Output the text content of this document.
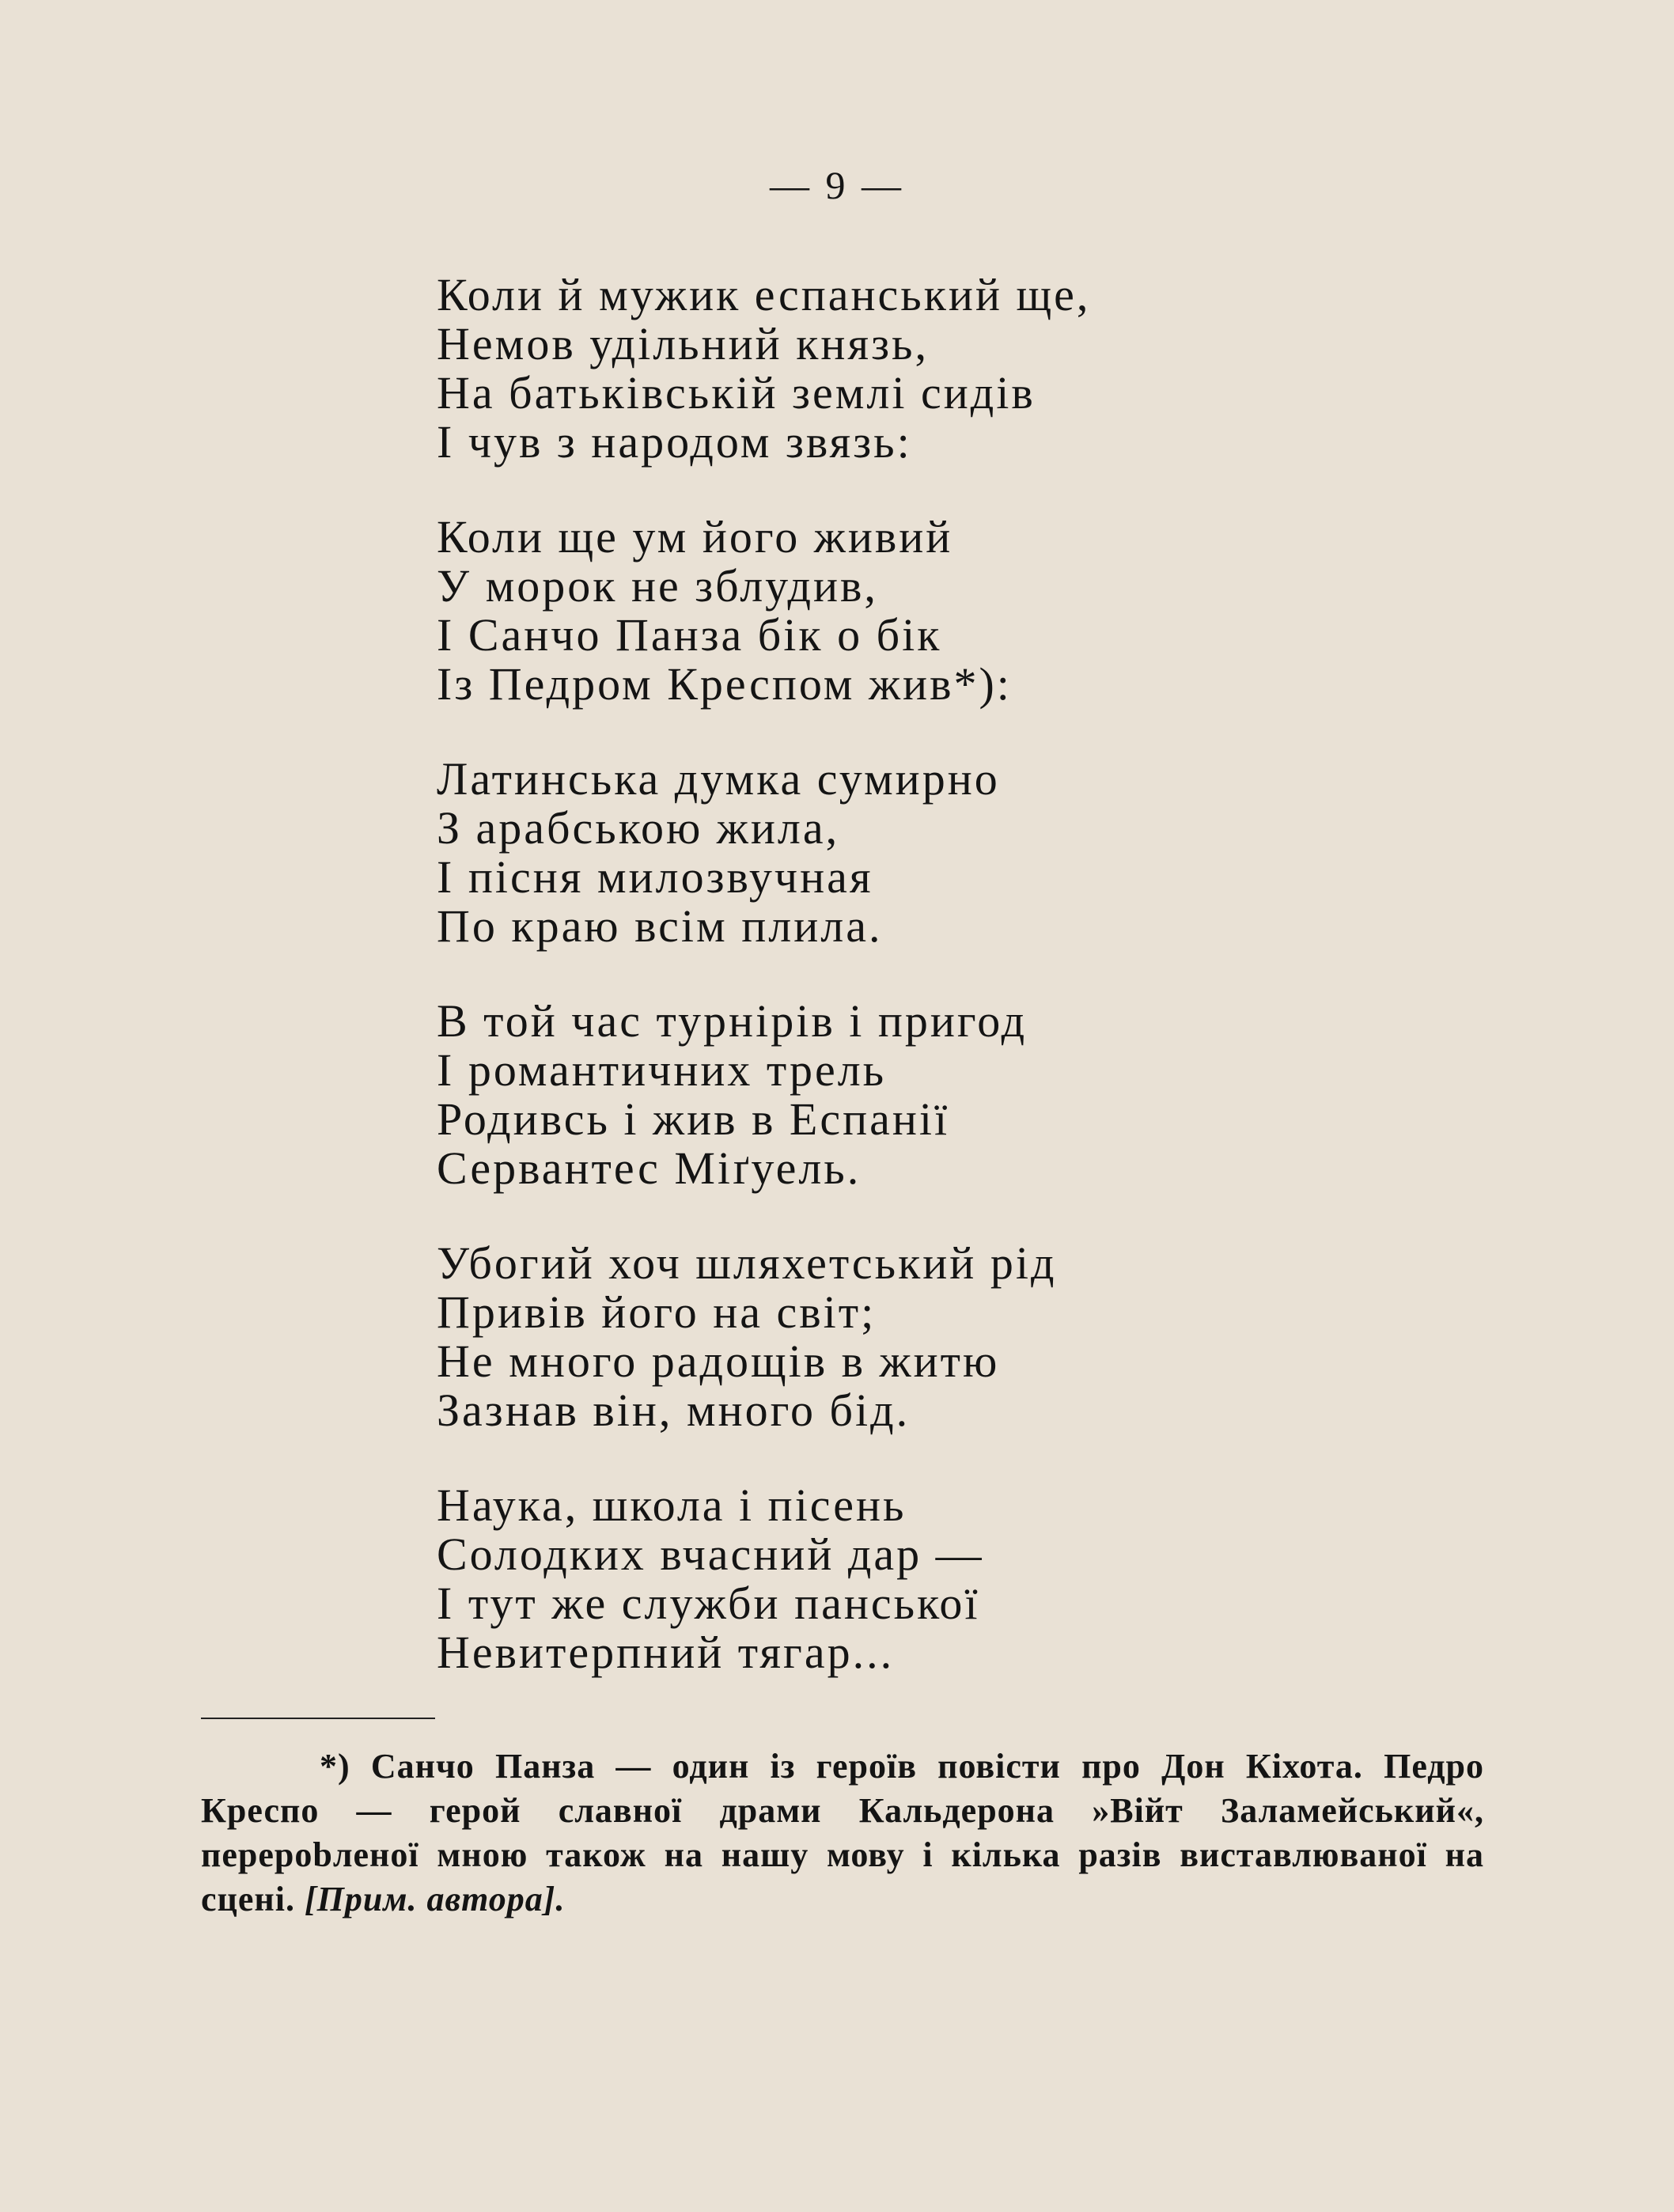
— 9 —
Коли й мужик еспанський ще,
Немов удільний князь,
На батьківській землі сидів
І чув з народом звязь:
Коли ще ум його живий
У морок не зблудив,
І Санчо Панза бік о бік
Із Педром Креспом жив*):
Латинська думка сумирно
З арабською жила,
І пісня милозвучная
По краю всім плила.
В той час турнірів і пригод
І романтичних трель
Родивсь і жив в Еспанії
Сервантес Міґуель.
Убогий хоч шляхетський рід
Привів його на світ;
Не много радощів в житю
Зазнав він, много бід.
Наука, школа і пісень
Солодких вчасний дар —
І тут же служби панської
Невитерпний тягар...
*) Санчо Панза — один із героїв повісти про Дон Кіхота. Педро Креспо — герой славної драми Кальдерона »Війт Заламейський«, перерobленої мною також на нашу мову і кілька разів виставлюваної на сцені. [Прим. автора].
